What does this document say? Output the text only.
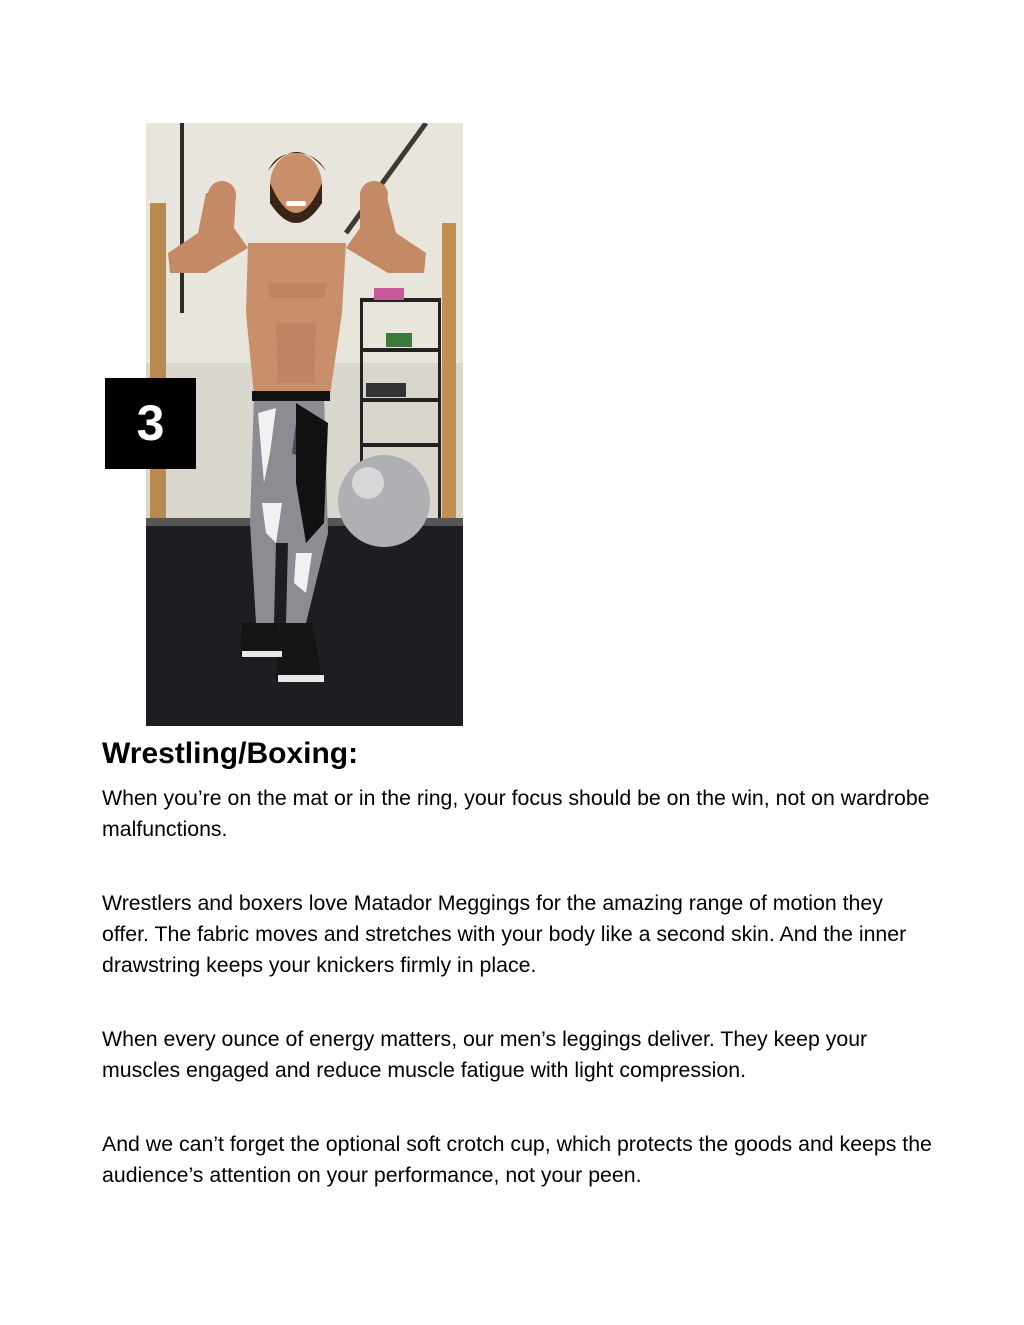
3
Wrestling/Boxing:

When you’re on the mat or in the ring, your focus should be on the win, not on wardrobe malfunctions.

Wrestlers and boxers love Matador Meggings for the amazing range of motion they offer. The fabric moves and stretches with your body like a second skin. And the inner drawstring keeps your knickers firmly in place.

When every ounce of energy matters, our men’s leggings deliver. They keep your muscles engaged and reduce muscle fatigue with light compression.

And we can’t forget the optional soft crotch cup, which protects the goods and keeps the audience’s attention on your performance, not your peen.
